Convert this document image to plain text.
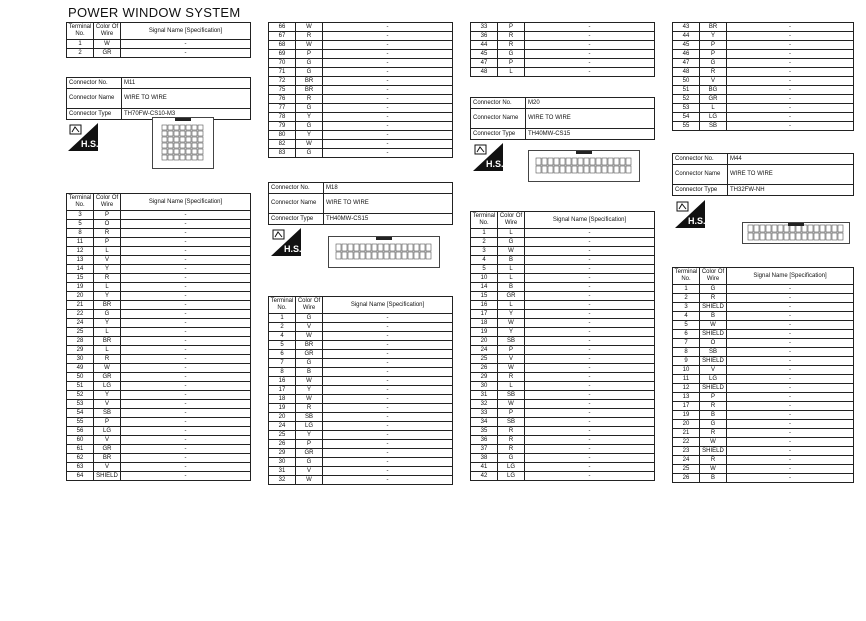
POWER WINDOW SYSTEM
Terminal No.	Color Of Wire	Signal Name [Specification]
1	W	-
2	GR	-
Connector No.	M11
Connector Name	WIRE TO WIRE
Connector Type	TH70FW-CS10-M3
H.S.
Terminal No.	Color Of Wire	Signal Name [Specification]
3	P	-
5	O	-
8	R	-
11	P	-
12	L	-
13	V	-
14	Y	-
15	R	-
19	L	-
20	Y	-
21	BR	-
22	G	-
24	Y	-
25	L	-
28	BR	-
29	L	-
30	R	-
49	W	-
50	GR	-
51	LG	-
52	Y	-
53	V	-
54	SB	-
55	P	-
56	LG	-
60	V	-
61	GR	-
62	BR	-
63	V	-
64	SHIELD	-
66	W	-
67	R	-
68	W	-
69	P	-
70	G	-
71	G	-
72	BR	-
75	BR	-
76	R	-
77	G	-
78	Y	-
79	G	-
80	Y	-
82	W	-
83	G	-
Connector No.	M18
Connector Name	WIRE TO WIRE
Connector Type	TH40MW-CS15
H.S.
Terminal No.	Color Of Wire	Signal Name [Specification]
1	G	-
2	V	-
4	W	-
5	BR	-
6	GR	-
7	G	-
8	B	-
16	W	-
17	Y	-
18	W	-
19	R	-
20	SB	-
24	LG	-
25	Y	-
26	P	-
29	GR	-
30	G	-
31	V	-
32	W	-
33	P	-
36	R	-
44	R	-
45	G	-
47	P	-
48	L	-
Connector No.	M20
Connector Name	WIRE TO WIRE
Connector Type	TH40MW-CS15
H.S.
Terminal No.	Color Of Wire	Signal Name [Specification]
1	L	-
2	G	-
3	W	-
4	B	-
5	L	-
10	L	-
14	B	-
15	GR	-
16	L	-
17	Y	-
18	W	-
19	Y	-
20	SB	-
24	P	-
25	V	-
26	W	-
29	R	-
30	L	-
31	SB	-
32	W	-
33	P	-
34	SB	-
35	R	-
36	R	-
37	R	-
38	G	-
41	LG	-
42	LG	-
43	BR	-
44	Y	-
45	P	-
46	P	-
47	G	-
48	R	-
50	V	-
51	BG	-
52	GR	-
53	L	-
54	LG	-
55	SB	-
Connector No.	M44
Connector Name	WIRE TO WIRE
Connector Type	TH32FW-NH
H.S.
Terminal No.	Color Of Wire	Signal Name [Specification]
1	G	-
2	R	-
3	SHIELD	-
4	B	-
5	W	-
6	SHIELD	-
7	O	-
8	SB	-
9	SHIELD	-
10	V	-
11	LG	-
12	SHIELD	-
13	P	-
17	R	-
19	B	-
20	G	-
21	R	-
22	W	-
23	SHIELD	-
24	R	-
25	W	-
26	B	-
